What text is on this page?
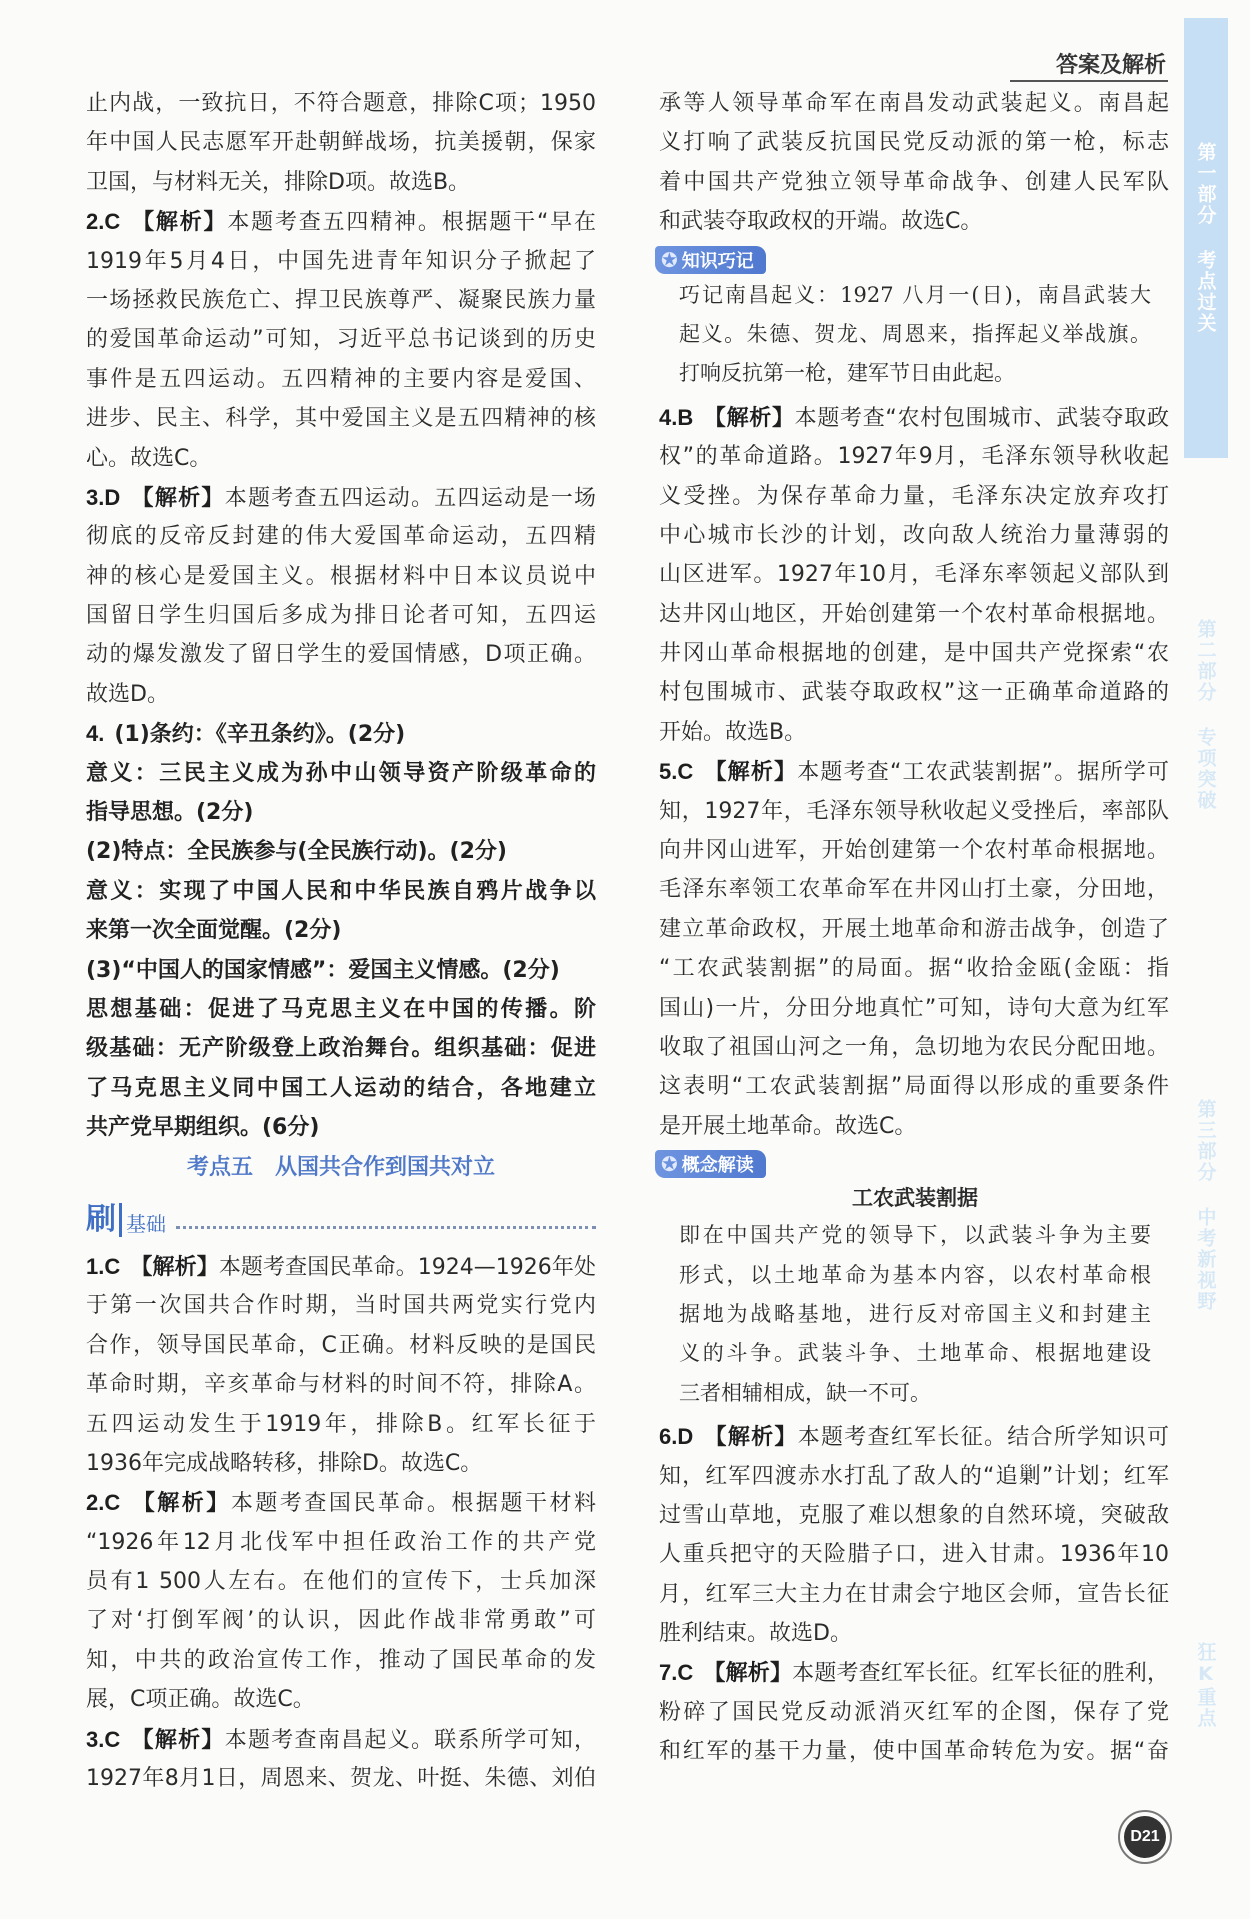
答案及解析
止内战，一致抗日，不符合题意，排除C项；1950
年中国人民志愿军开赴朝鲜战场，抗美援朝，保家
卫国，与材料无关，排除D项。故选B。
2.C 【解析】本题考查五四精神。根据题干“早在
1919年5月4日，中国先进青年知识分子掀起了
一场拯救民族危亡、捍卫民族尊严、凝聚民族力量
的爱国革命运动”可知，习近平总书记谈到的历史
事件是五四运动。五四精神的主要内容是爱国、
进步、民主、科学，其中爱国主义是五四精神的核
心。故选C。
3.D 【解析】本题考查五四运动。五四运动是一场
彻底的反帝反封建的伟大爱国革命运动，五四精
神的核心是爱国主义。根据材料中日本议员说中
国留日学生归国后多成为排日论者可知，五四运
动的爆发激发了留日学生的爱国情感，D项正确。
故选D。
4. (1)条约：《辛丑条约》。(2分)
意义：三民主义成为孙中山领导资产阶级革命的
指导思想。(2分)
(2)特点：全民族参与(全民族行动)。(2分)
意义：实现了中国人民和中华民族自鸦片战争以
来第一次全面觉醒。(2分)
(3)“中国人的国家情感”：爱国主义情感。(2分)
思想基础：促进了马克思主义在中国的传播。阶
级基础：无产阶级登上政治舞台。组织基础：促进
了马克思主义同中国工人运动的结合，各地建立
共产党早期组织。(6分)
考点五　从国共合作到国共对立
刷 基础
1.C 【解析】本题考查国民革命。1924—1926年处
于第一次国共合作时期，当时国共两党实行党内
合作，领导国民革命，C正确。材料反映的是国民
革命时期，辛亥革命与材料的时间不符，排除A。
五四运动发生于1919年，排除B。红军长征于
1936年完成战略转移，排除D。故选C。
2.C 【解析】本题考查国民革命。根据题干材料
“1926年12月北伐军中担任政治工作的共产党
员有1 500人左右。在他们的宣传下，士兵加深
了对‘打倒军阀’的认识，因此作战非常勇敢”可
知，中共的政治宣传工作，推动了国民革命的发
展，C项正确。故选C。
3.C 【解析】本题考查南昌起义。联系所学可知，
1927年8月1日，周恩来、贺龙、叶挺、朱德、刘伯
承等人领导革命军在南昌发动武装起义。南昌起
义打响了武装反抗国民党反动派的第一枪，标志
着中国共产党独立领导革命战争、创建人民军队
和武装夺取政权的开端。故选C。
✪ 知识巧记
巧记南昌起义：1927 八月一(日)，南昌武装大
起义。朱德、贺龙、周恩来，指挥起义举战旗。
打响反抗第一枪，建军节日由此起。
4.B 【解析】本题考查“农村包围城市、武装夺取政
权”的革命道路。1927年9月，毛泽东领导秋收起
义受挫。为保存革命力量，毛泽东决定放弃攻打
中心城市长沙的计划，改向敌人统治力量薄弱的
山区进军。1927年10月，毛泽东率领起义部队到
达井冈山地区，开始创建第一个农村革命根据地。
井冈山革命根据地的创建，是中国共产党探索“农
村包围城市、武装夺取政权”这一正确革命道路的
开始。故选B。
5.C 【解析】本题考查“工农武装割据”。据所学可
知，1927年，毛泽东领导秋收起义受挫后，率部队
向井冈山进军，开始创建第一个农村革命根据地。
毛泽东率领工农革命军在井冈山打土豪，分田地，
建立革命政权，开展土地革命和游击战争，创造了
“工农武装割据”的局面。据“收拾金瓯(金瓯：指
国山)一片，分田分地真忙”可知，诗句大意为红军
收取了祖国山河之一角，急切地为农民分配田地。
这表明“工农武装割据”局面得以形成的重要条件
是开展土地革命。故选C。
✪ 概念解读
工农武装割据
即在中国共产党的领导下，以武装斗争为主要
形式，以土地革命为基本内容，以农村革命根
据地为战略基地，进行反对帝国主义和封建主
义的斗争。武装斗争、土地革命、根据地建设
三者相辅相成，缺一不可。
6.D 【解析】本题考查红军长征。结合所学知识可
知，红军四渡赤水打乱了敌人的“追剿”计划；红军
过雪山草地，克服了难以想象的自然环境，突破敌
人重兵把守的天险腊子口，进入甘肃。1936年10
月，红军三大主力在甘肃会宁地区会师，宣告长征
胜利结束。故选D。
7.C 【解析】本题考查红军长征。红军长征的胜利，
粉碎了国民党反动派消灭红军的企图，保存了党
和红军的基干力量，使中国革命转危为安。据“奋
第一部分 考点过关
第二部分 专项突破
第三部分 中考新视野
狂K重点
D21
